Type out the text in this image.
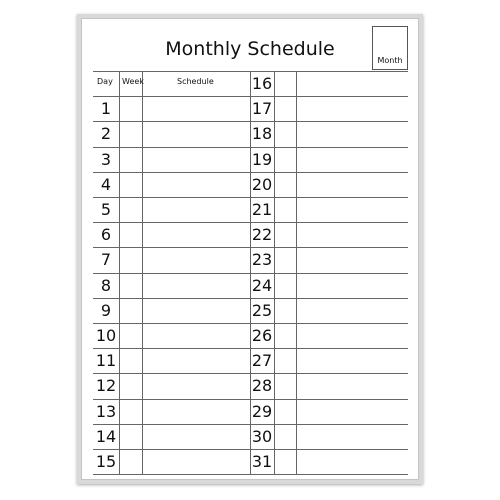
Monthly Schedule
Month
Day Week	Schedule
1
2
3
4
5
6
7
8
9
10
11
12
13
14
15
16
17
18
19
20
21
22
23
24
25
26
27
28
29
30
31
